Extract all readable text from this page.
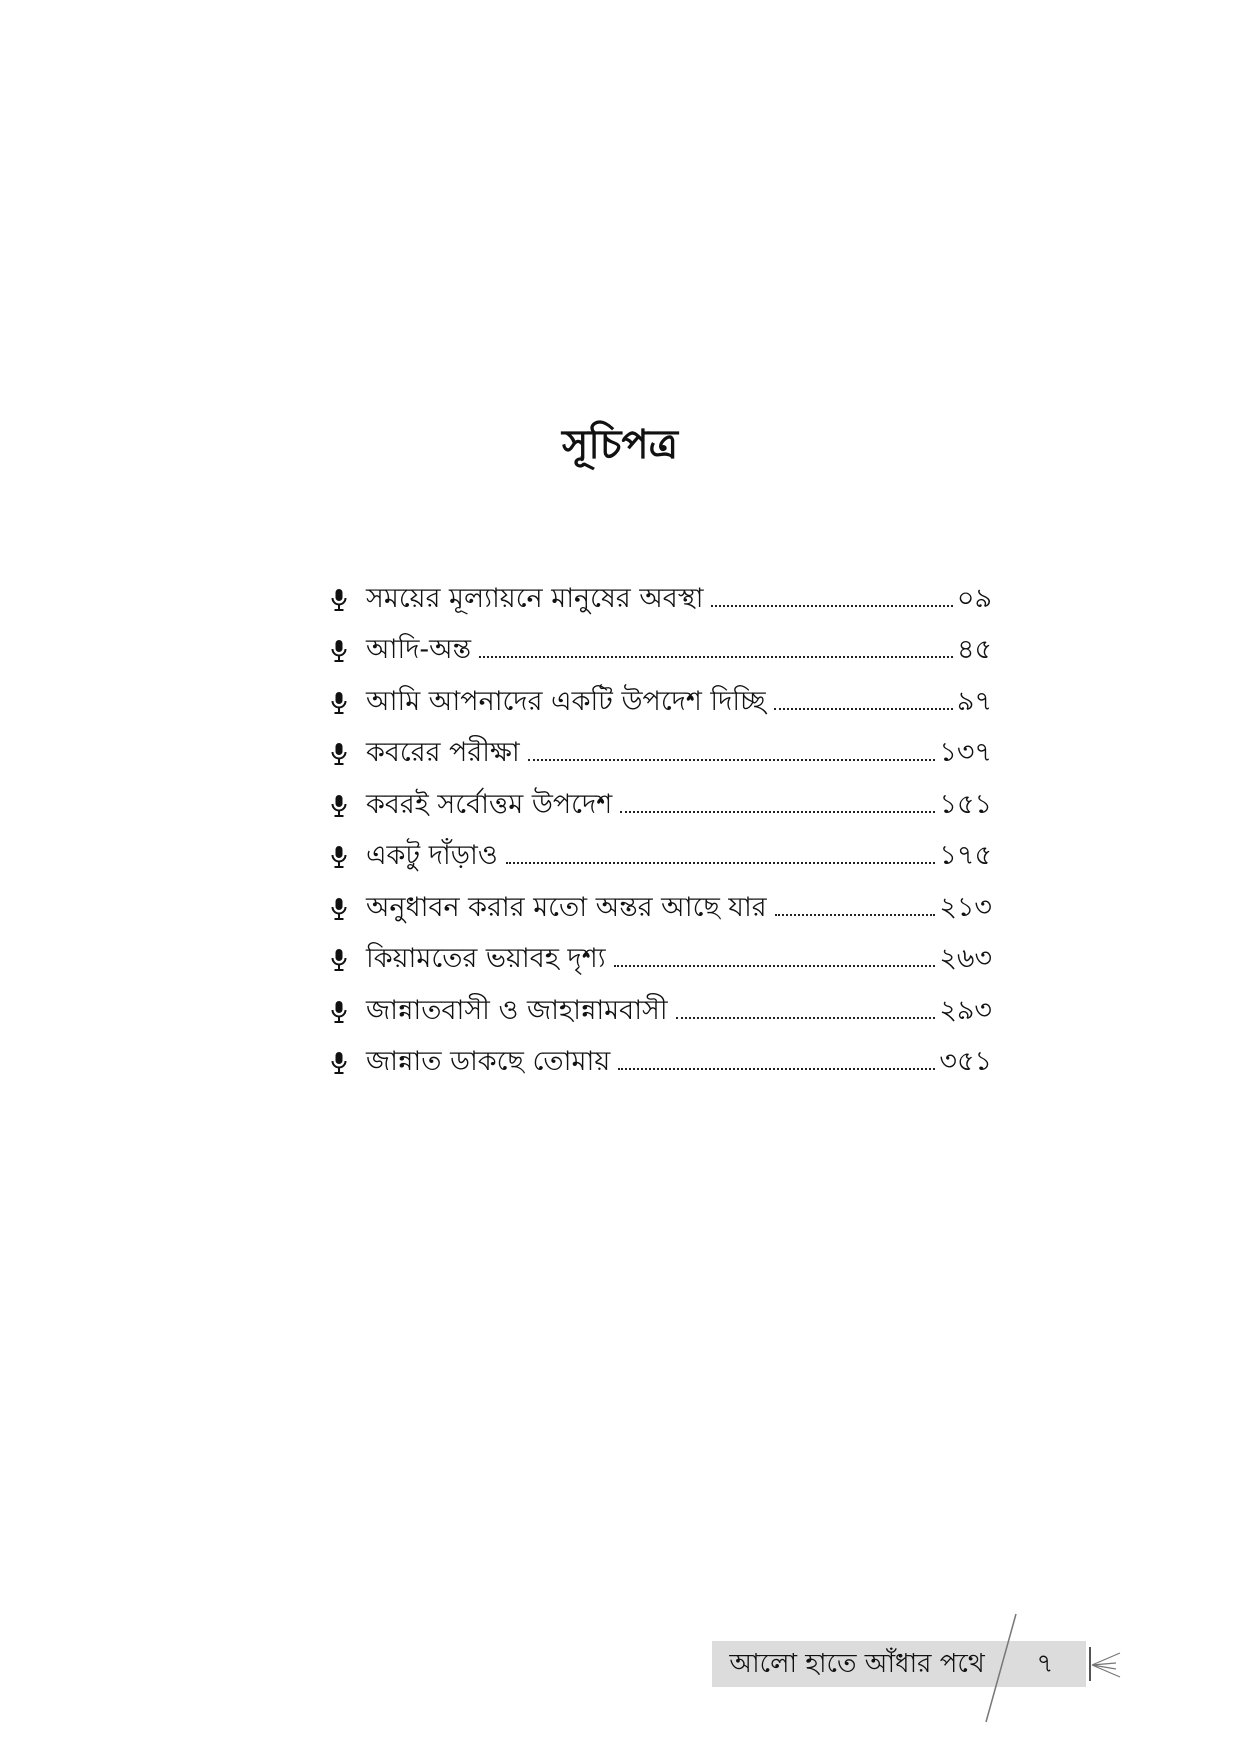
সূচিপত্র
সময়ের মূল্যায়নে মানুষের অবস্থা	০৯
আদি-অন্ত	৪৫
আমি আপনাদের একটি উপদেশ দিচ্ছি	৯৭
কবরের পরীক্ষা	১৩৭
কবরই সর্বোত্তম উপদেশ	১৫১
একটু দাঁড়াও	১৭৫
অনুধাবন করার মতো অন্তর আছে যার	২১৩
কিয়ামতের ভয়াবহ দৃশ্য	২৬৩
জান্নাতবাসী ও জাহান্নামবাসী	২৯৩
জান্নাত ডাকছে তোমায়	৩৫১
আলো হাতে আঁধার পথে	৭
